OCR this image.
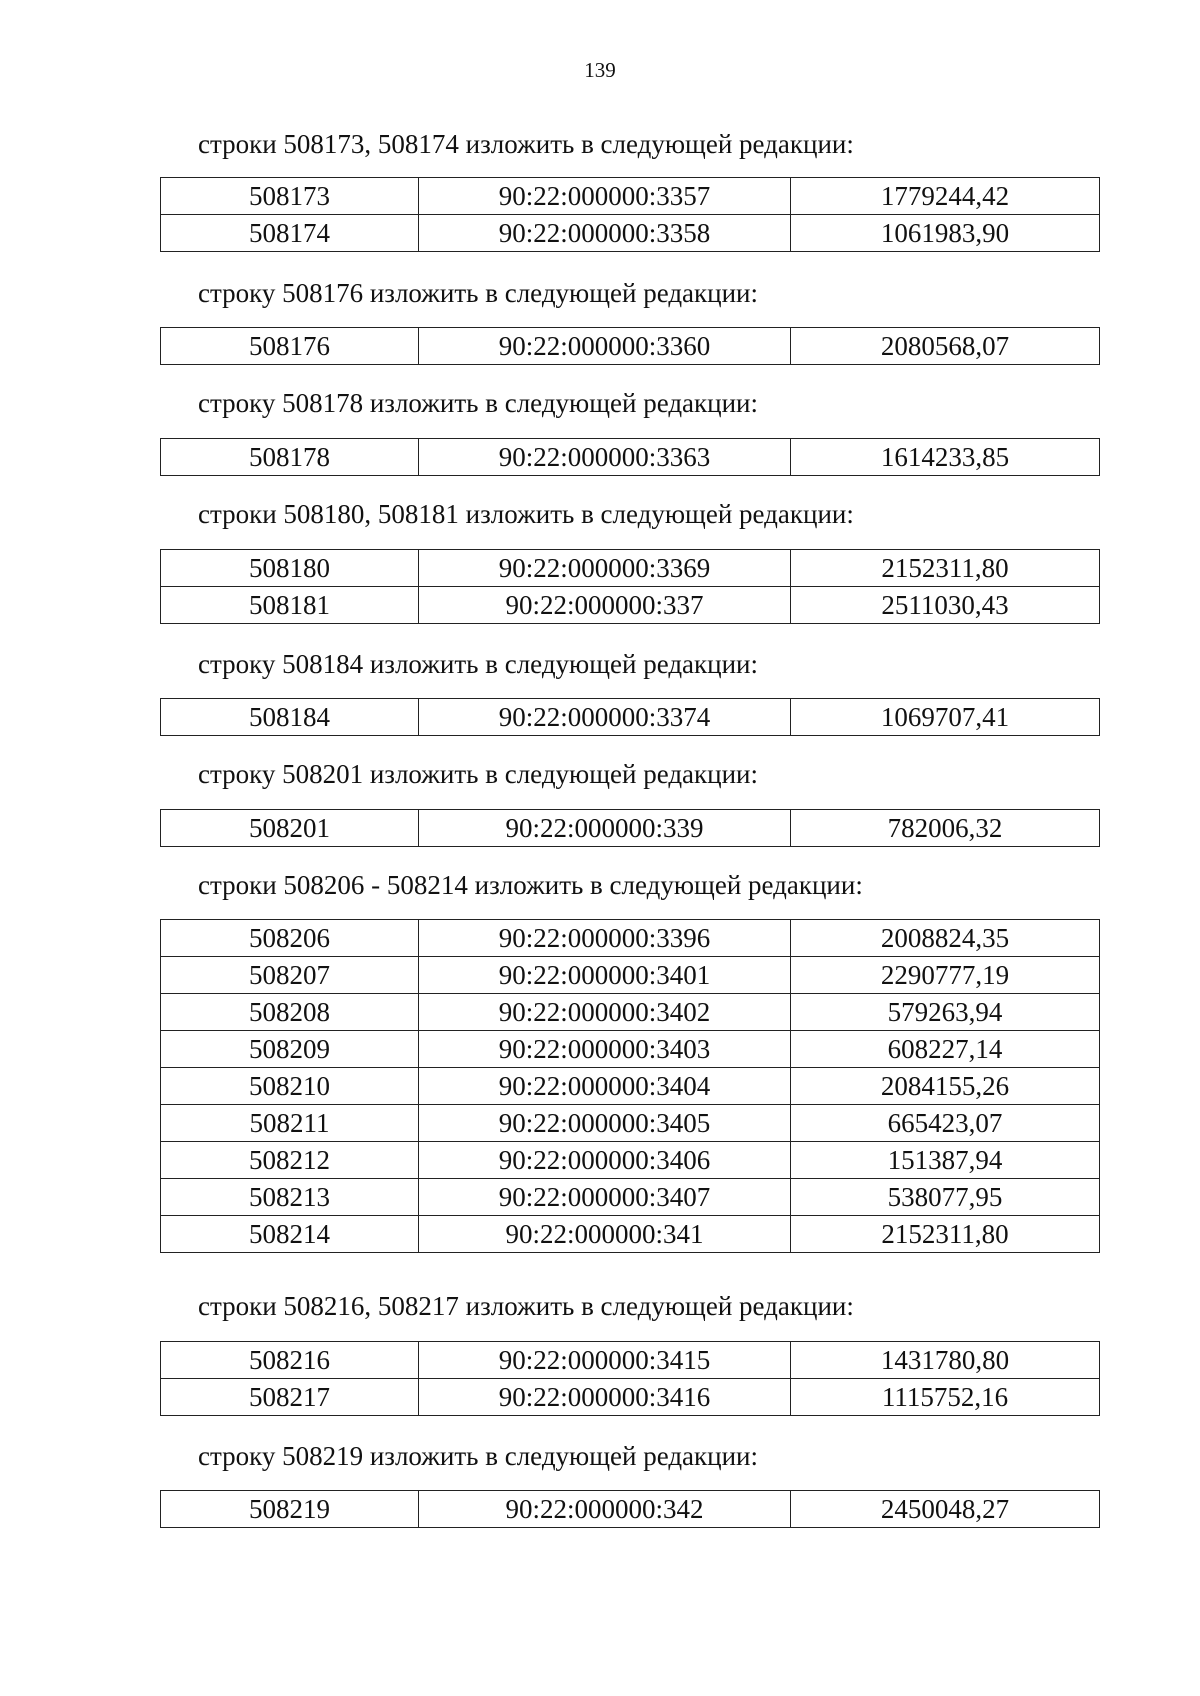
139
строки 508173, 508174 изложить в следующей редакции:
508173	90:22:000000:3357	1779244,42
508174	90:22:000000:3358	1061983,90
строку 508176 изложить в следующей редакции:
508176	90:22:000000:3360	2080568,07
строку 508178 изложить в следующей редакции:
508178	90:22:000000:3363	1614233,85
строки 508180, 508181 изложить в следующей редакции:
508180	90:22:000000:3369	2152311,80
508181	90:22:000000:337	2511030,43
строку 508184 изложить в следующей редакции:
508184	90:22:000000:3374	1069707,41
строку 508201 изложить в следующей редакции:
508201	90:22:000000:339	782006,32
строки 508206 - 508214 изложить в следующей редакции:
508206	90:22:000000:3396	2008824,35
508207	90:22:000000:3401	2290777,19
508208	90:22:000000:3402	579263,94
508209	90:22:000000:3403	608227,14
508210	90:22:000000:3404	2084155,26
508211	90:22:000000:3405	665423,07
508212	90:22:000000:3406	151387,94
508213	90:22:000000:3407	538077,95
508214	90:22:000000:341	2152311,80
строки 508216, 508217 изложить в следующей редакции:
508216	90:22:000000:3415	1431780,80
508217	90:22:000000:3416	1115752,16
строку 508219 изложить в следующей редакции:
508219	90:22:000000:342	2450048,27
